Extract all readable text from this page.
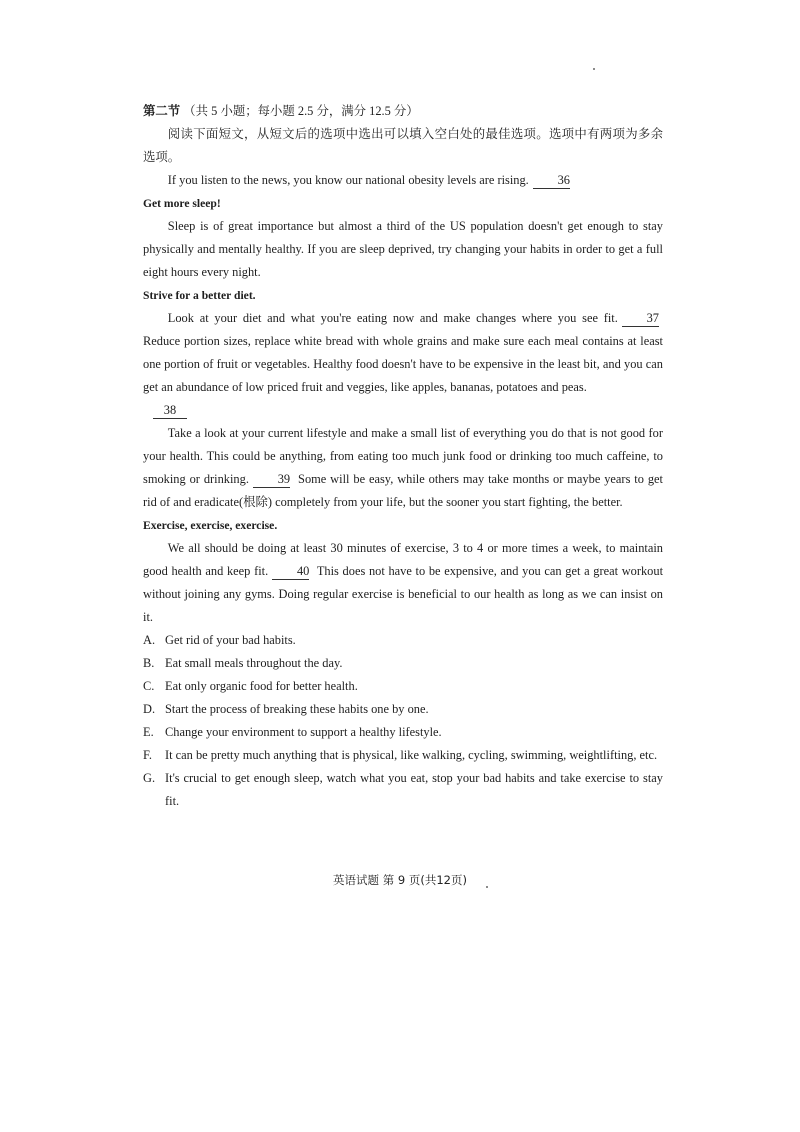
第二节 （共 5 小题；每小题 2.5 分，满分 12.5 分）

阅读下面短文，从短文后的选项中选出可以填入空白处的最佳选项。选项中有两项为多余选项。

If you listen to the news, you know our national obesity levels are rising. 36

Get more sleep!

Sleep is of great importance but almost a third of the US population doesn't get enough to stay physically and mentally healthy. If you are sleep deprived, try changing your habits in order to get a full eight hours every night.

Strive for a better diet.

Look at your diet and what you're eating now and make changes where you see fit. 37 Reduce portion sizes, replace white bread with whole grains and make sure each meal contains at least one portion of fruit or vegetables. Healthy food doesn't have to be expensive in the least bit, and you can get an abundance of low priced fruit and veggies, like apples, bananas, potatoes and peas.

38

Take a look at your current lifestyle and make a small list of everything you do that is not good for your health. This could be anything, from eating too much junk food or drinking too much caffeine, to smoking or drinking. 39 Some will be easy, while others may take months or maybe years to get rid of and eradicate(根除) completely from your life, but the sooner you start fighting, the better.

Exercise, exercise, exercise.

We all should be doing at least 30 minutes of exercise, 3 to 4 or more times a week, to maintain good health and keep fit. 40 This does not have to be expensive, and you can get a great workout without joining any gyms. Doing regular exercise is beneficial to our health as long as we can insist on it.

A. Get rid of your bad habits.
B. Eat small meals throughout the day.
C. Eat only organic food for better health.
D. Start the process of breaking these habits one by one.
E. Change your environment to support a healthy lifestyle.
F.	It can be pretty much anything that is physical, like walking, cycling, swimming, weightlifting, etc.
G. It's crucial to get enough sleep, watch what you eat, stop your bad habits and take exercise to stay fit.
英语试题 第 9 页(共12页)
